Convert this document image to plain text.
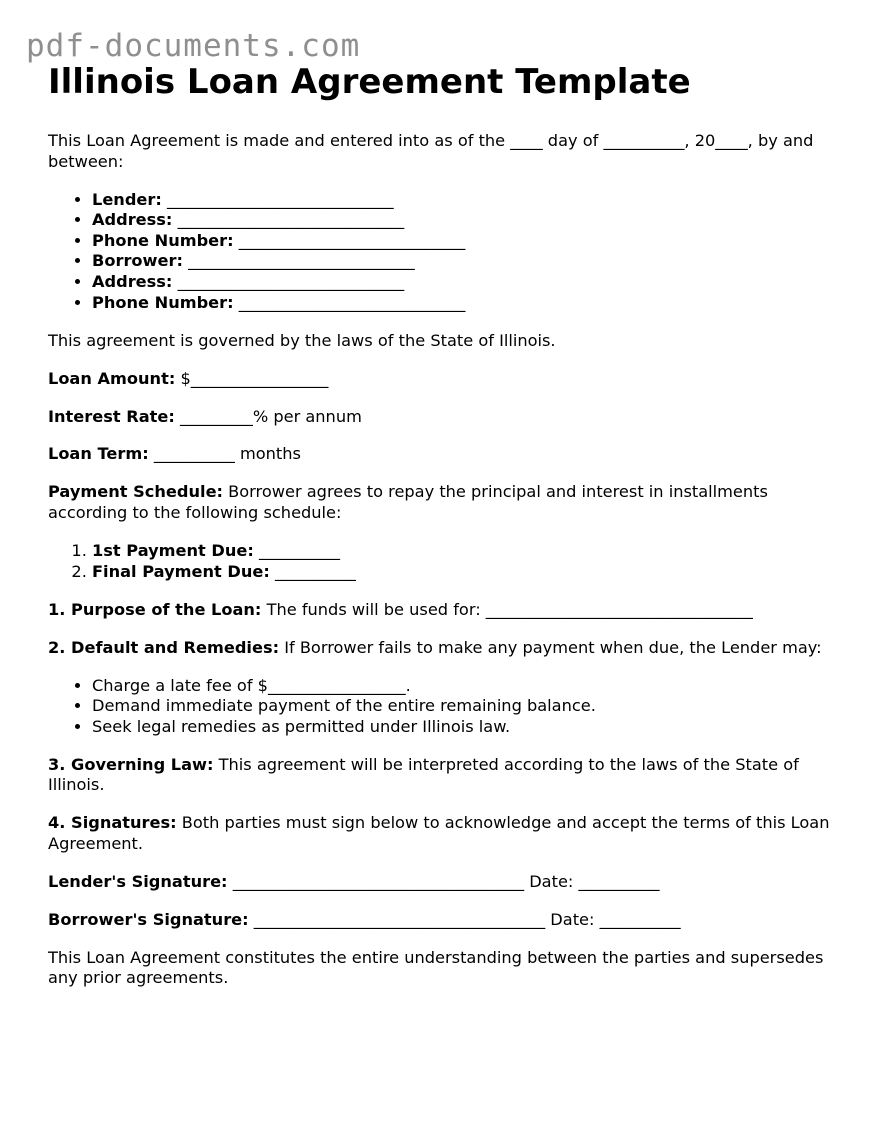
pdf-documents.com
Illinois Loan Agreement Template

This Loan Agreement is made and entered into as of the ____ day of __________, 20____, by and between:

• Lender: ____________________________
• Address: ____________________________
• Phone Number: ____________________________
• Borrower: ____________________________
• Address: ____________________________
• Phone Number: ____________________________

This agreement is governed by the laws of the State of Illinois.

Loan Amount: $_________________

Interest Rate: _________% per annum

Loan Term: __________ months

Payment Schedule: Borrower agrees to repay the principal and interest in installments according to the following schedule:

1. 1st Payment Due: __________
2. Final Payment Due: __________

1. Purpose of the Loan: The funds will be used for: _________________________________

2. Default and Remedies: If Borrower fails to make any payment when due, the Lender may:

• Charge a late fee of $_________________.
• Demand immediate payment of the entire remaining balance.
• Seek legal remedies as permitted under Illinois law.

3. Governing Law: This agreement will be interpreted according to the laws of the State of Illinois.

4. Signatures: Both parties must sign below to acknowledge and accept the terms of this Loan Agreement.

Lender's Signature: ____________________________________ Date: __________

Borrower's Signature: ____________________________________ Date: __________

This Loan Agreement constitutes the entire understanding between the parties and supersedes any prior agreements.
